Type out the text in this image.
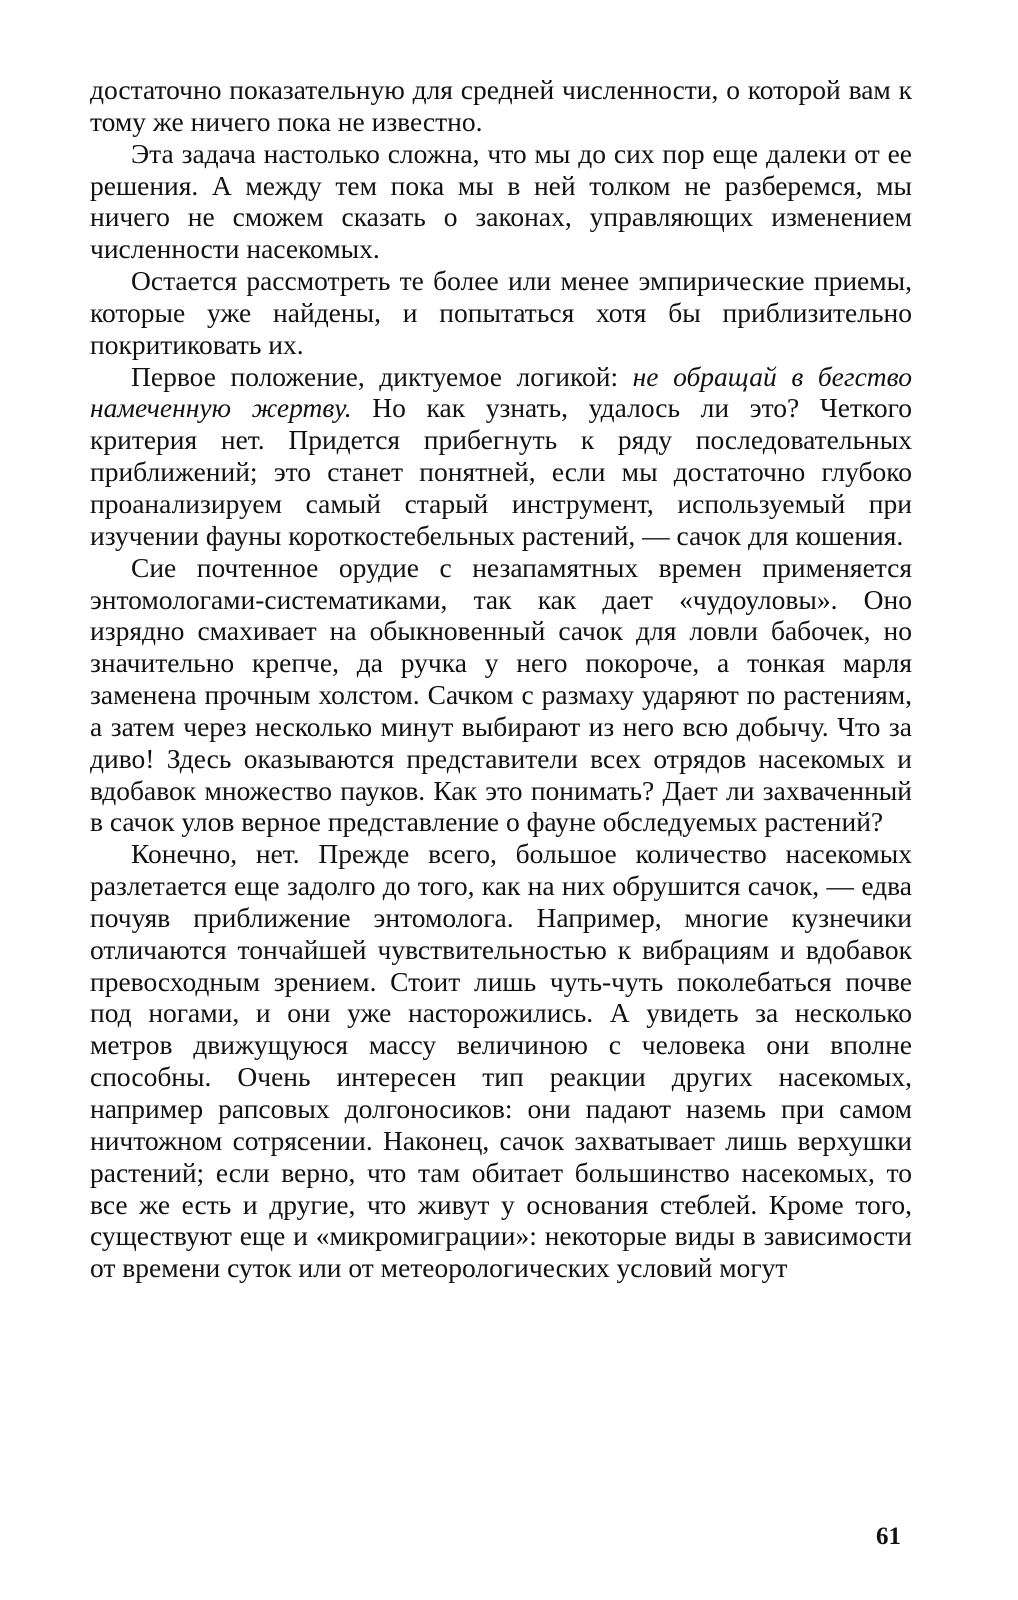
достаточно показательную для средней численности, о которой вам к тому же ничего пока не известно.

Эта задача настолько сложна, что мы до сих пор еще далеки от ее решения. А между тем пока мы в ней толком не разберемся, мы ничего не сможем сказать о законах, управляющих изменением численности насекомых.

Остается рассмотреть те более или менее эмпирические приемы, которые уже найдены, и попытаться хотя бы приблизительно покритиковать их.

Первое положение, диктуемое логикой: не обращай в бегство намеченную жертву. Но как узнать, удалось ли это? Четкого критерия нет. Придется прибегнуть к ряду последовательных приближений; это станет понятней, если мы достаточно глубоко проанализируем самый старый инструмент, используемый при изучении фауны короткостебельных растений, — сачок для кошения.

Сие почтенное орудие с незапамятных времен применяется энтомологами-систематиками, так как дает «чудоуловы». Оно изрядно смахивает на обыкновенный сачок для ловли бабочек, но значительно крепче, да ручка у него покороче, а тонкая марля заменена прочным холстом. Сачком с размаху ударяют по растениям, а затем через несколько минут выбирают из него всю добычу. Что за диво! Здесь оказываются представители всех отрядов насекомых и вдобавок множество пауков. Как это понимать? Дает ли захваченный в сачок улов верное представление о фауне обследуемых растений?

Конечно, нет. Прежде всего, большое количество насекомых разлетается еще задолго до того, как на них обрушится сачок, — едва почуяв приближение энтомолога. Например, многие кузнечики отличаются тончайшей чувствительностью к вибрациям и вдобавок превосходным зрением. Стоит лишь чуть-чуть поколебаться почве под ногами, и они уже насторожились. А увидеть за несколько метров движущуюся массу величиною с человека они вполне способны. Очень интересен тип реакции других насекомых, например рапсовых долгоносиков: они падают наземь при самом ничтожном сотрясении. Наконец, сачок захватывает лишь верхушки растений; если верно, что там обитает большинство насекомых, то все же есть и другие, что живут у основания стеблей. Кроме того, существуют еще и «микромиграции»: некоторые виды в зависимости от времени суток или от метеорологических условий могут

61
